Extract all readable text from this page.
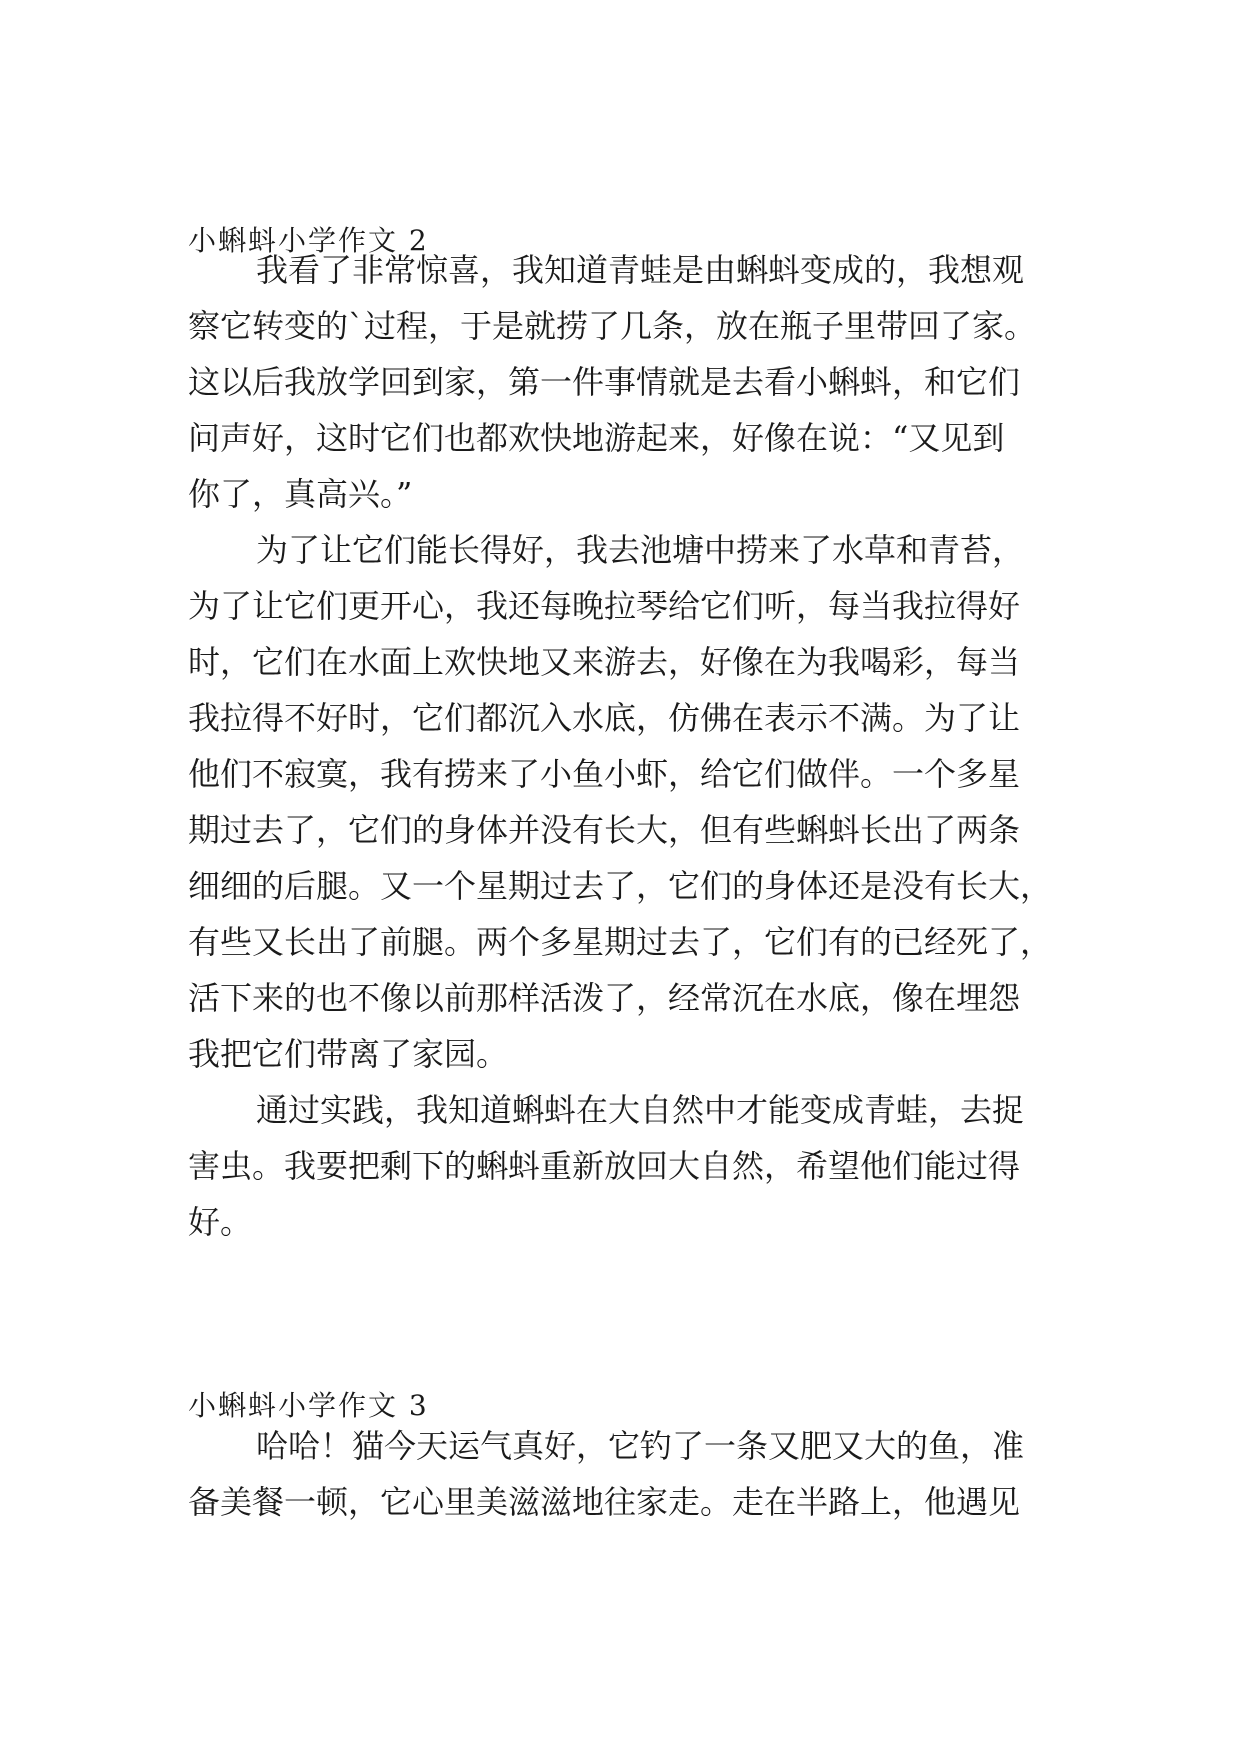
小蝌蚪小学作文 2

我看了非常惊喜，我知道青蛙是由蝌蚪变成的，我想观

察它转变的`过程，于是就捞了几条，放在瓶子里带回了家。

这以后我放学回到家，第一件事情就是去看小蝌蚪，和它们

问声好，这时它们也都欢快地游起来，好像在说：“又见到

你了，真高兴。”

为了让它们能长得好，我去池塘中捞来了水草和青苔，

为了让它们更开心，我还每晚拉琴给它们听，每当我拉得好

时，它们在水面上欢快地又来游去，好像在为我喝彩，每当

我拉得不好时，它们都沉入水底，仿佛在表示不满。为了让

他们不寂寞，我有捞来了小鱼小虾，给它们做伴。一个多星

期过去了，它们的身体并没有长大，但有些蝌蚪长出了两条

细细的后腿。又一个星期过去了，它们的身体还是没有长大，

有些又长出了前腿。两个多星期过去了，它们有的已经死了，

活下来的也不像以前那样活泼了，经常沉在水底，像在埋怨

我把它们带离了家园。

通过实践，我知道蝌蚪在大自然中才能变成青蛙，去捉

害虫。我要把剩下的蝌蚪重新放回大自然，希望他们能过得

好。

小蝌蚪小学作文 3

哈哈！猫今天运气真好，它钓了一条又肥又大的鱼，准

备美餐一顿，它心里美滋滋地往家走。走在半路上，他遇见
